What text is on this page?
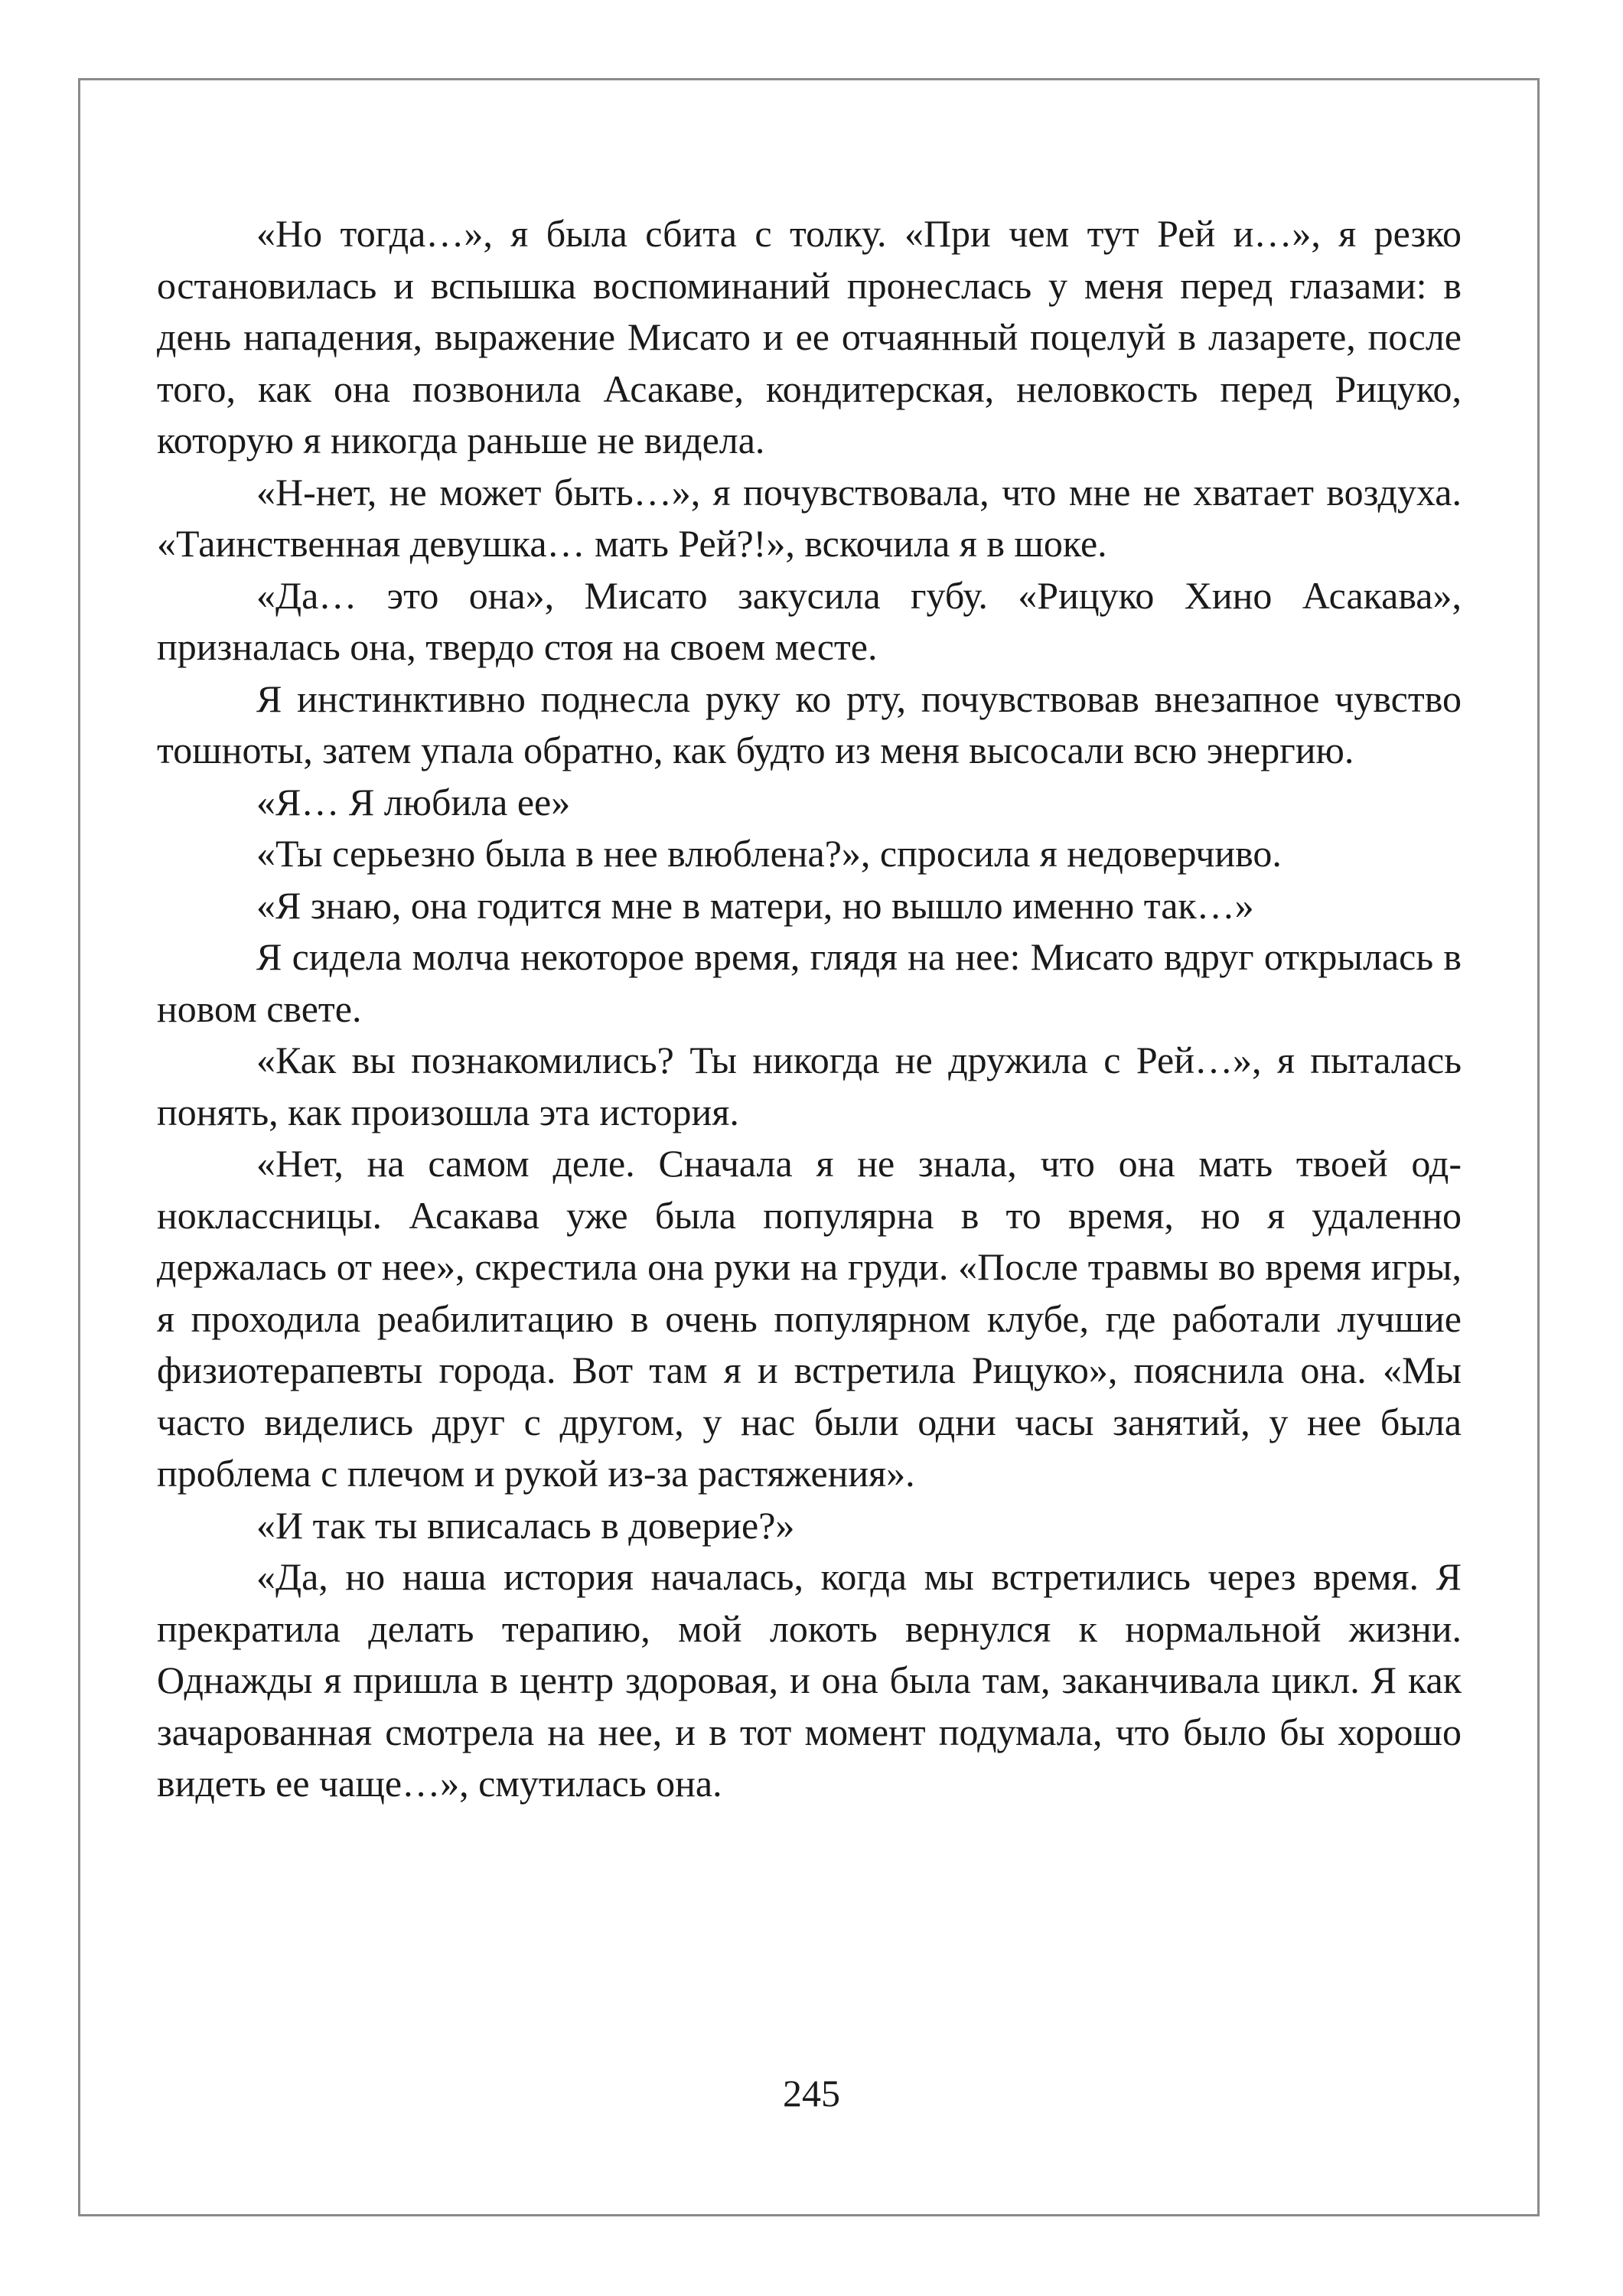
«Но тогда…», я была сбита с толку. «При чем тут Рей и…», я резко остановилась и вспышка воспоминаний пронеслась у меня перед глазами: в день нападения, выражение Мисато и ее отчаянный поцелуй в лазарете, после того, как она позвонила Асакаве, кондитерская, неловкость перед Рицуко, которую я никогда раньше не видела.

«Н-нет, не может быть…», я почувствовала, что мне не хватает воздуха. «Таинственная девушка… мать Рей?!», вскочила я в шоке.

«Да… это она», Мисато закусила губу. «Рицуко Хино Асакава», призналась она, твердо стоя на своем месте.

Я инстинктивно поднесла руку ко рту, почувствовав внезапное чувство тошноты, затем упала обратно, как будто из меня высосали всю энергию.

«Я… Я любила ее»

«Ты серьезно была в нее влюблена?», спросила я недоверчиво.

«Я знаю, она годится мне в матери, но вышло именно так…»

Я сидела молча некоторое время, глядя на нее: Мисато вдруг открылась в новом свете.

«Как вы познакомились? Ты никогда не дружила с Рей…», я пыталась понять, как произошла эта история.

«Нет, на самом деле. Сначала я не знала, что она мать твоей одноклассницы. Асакава уже была популярна в то время, но я удаленно держалась от нее», скрестила она руки на груди. «После травмы во время игры, я проходила реабилитацию в очень популярном клубе, где работали лучшие физиотерапевты города. Вот там я и встретила Рицуко», пояснила она. «Мы часто виделись друг с другом, у нас были одни часы занятий, у нее была проблема с плечом и рукой из-за растяжения».

«И так ты вписалась в доверие?»

«Да, но наша история началась, когда мы встретились через время. Я прекратила делать терапию, мой локоть вернулся к нормальной жизни. Однажды я пришла в центр здоровая, и она была там, заканчивала цикл. Я как зачарованная смотрела на нее, и в тот момент подумала, что было бы хорошо видеть ее чаще…», смутилась она.

245
